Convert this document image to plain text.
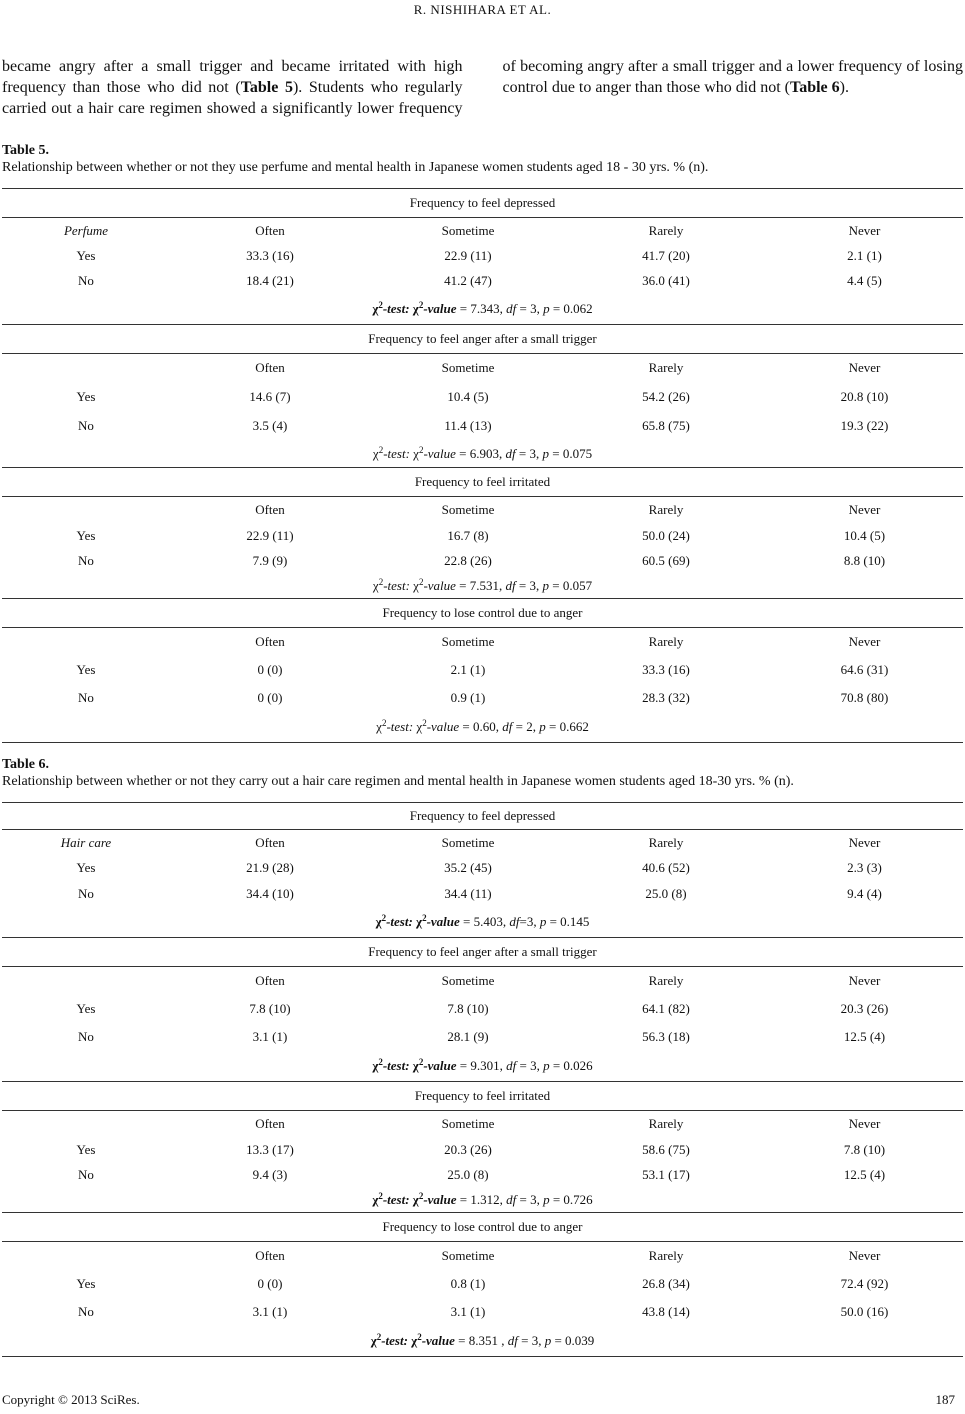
R. NISHIHARA ET AL.

became angry after a small trigger and became irritated with high frequency than those who did not (Table 5). Students who regularly carried out a hair care regimen showed a significantly lower frequency of becoming angry after a small trigger and a lower frequency of losing control due to anger than those who did not (Table 6).

Table 5.
Relationship between whether or not they use perfume and mental health in Japanese women students aged 18 - 30 yrs. % (n).
Frequency to feel depressed
Perfume	Often	Sometime	Rarely	Never
Yes	33.3 (16)	22.9 (11)	41.7 (20)	2.1 (1)
No	18.4 (21)	41.2 (47)	36.0 (41)	4.4 (5)
$\chi^2$-test: $\chi^2$-value = 7.343, df = 3, p = 0.062
Frequency to feel anger after a small trigger
Often	Sometime	Rarely	Never
Yes	14.6 (7)	10.4 (5)	54.2 (26)	20.8 (10)
No	3.5 (4)	11.4 (13)	65.8 (75)	19.3 (22)
$\chi^2$-test: $\chi^2$-value = 6.903, df = 3, p = 0.075
Frequency to feel irritated
Often	Sometime	Rarely	Never
Yes	22.9 (11)	16.7 (8)	50.0 (24)	10.4 (5)
No	7.9 (9)	22.8 (26)	60.5 (69)	8.8 (10)
$\chi^2$-test: $\chi^2$-value = 7.531, df = 3, p = 0.057
Frequency to lose control due to anger
Often	Sometime	Rarely	Never
Yes	0 (0)	2.1 (1)	33.3 (16)	64.6 (31)
No	0 (0)	0.9 (1)	28.3 (32)	70.8 (80)
$\chi^2$-test: $\chi^2$-value = 0.60, df = 2, p = 0.662
Table 6.
Relationship between whether or not they carry out a hair care regimen and mental health in Japanese women students aged 18-30 yrs. % (n).
Frequency to feel depressed
Hair care	Often	Sometime	Rarely	Never
Yes	21.9 (28)	35.2 (45)	40.6 (52)	2.3 (3)
No	34.4 (10)	34.4 (11)	25.0 (8)	9.4 (4)
$\chi^2$-test: $\chi^2$-value = 5.403, df=3, p = 0.145
Frequency to feel anger after a small trigger
Often	Sometime	Rarely	Never
Yes	7.8 (10)	7.8 (10)	64.1 (82)	20.3 (26)
No	3.1 (1)	28.1 (9)	56.3 (18)	12.5 (4)
$\chi^2$-test: $\chi^2$-value = 9.301, df = 3, p = 0.026
Frequency to feel irritated
Often	Sometime	Rarely	Never
Yes	13.3 (17)	20.3 (26)	58.6 (75)	7.8 (10)
No	9.4 (3)	25.0 (8)	53.1 (17)	12.5 (4)
$\chi^2$-test: $\chi^2$-value = 1.312, df = 3, p = 0.726
Frequency to lose control due to anger
Often	Sometime	Rarely	Never
Yes	0 (0)	0.8 (1)	26.8 (34)	72.4 (92)
No	3.1 (1)	3.1 (1)	43.8 (14)	50.0 (16)
$\chi^2$-test: $\chi^2$-value = 8.351 , df = 3, p = 0.039
Copyright © 2013 SciRes.	187
